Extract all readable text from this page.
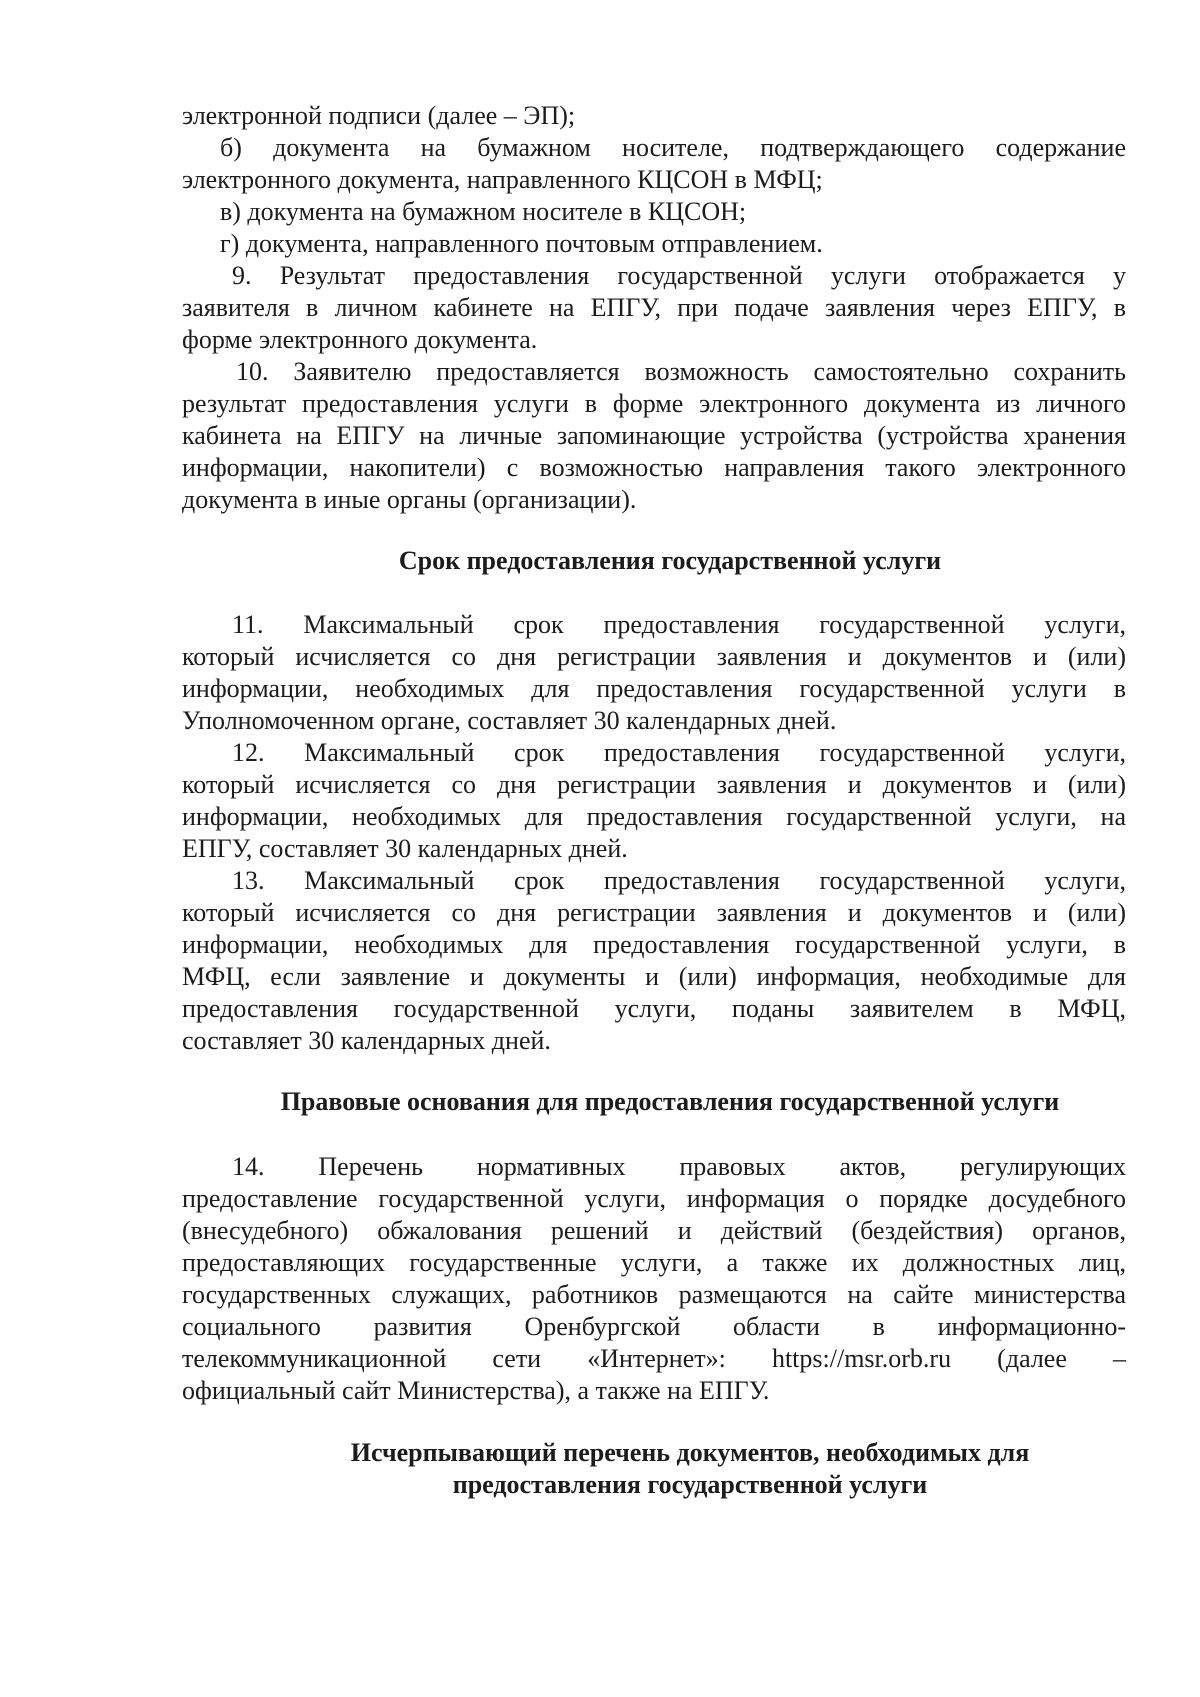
электронной подписи (далее – ЭП);
б) документа на бумажном носителе, подтверждающего содержание
электронного документа, направленного КЦСОН в МФЦ;
в) документа на бумажном носителе в КЦСОН;
г) документа, направленного почтовым отправлением.
9. Результат предоставления государственной услуги отображается у
заявителя в личном кабинете на ЕПГУ, при подаче заявления через ЕПГУ, в
форме электронного документа.
10. Заявителю предоставляется возможность самостоятельно сохранить
результат предоставления услуги в форме электронного документа из личного
кабинета на ЕПГУ на личные запоминающие устройства (устройства хранения
информации, накопители) с возможностью направления такого электронного
документа в иные органы (организации).
Срок предоставления государственной услуги
11. Максимальный срок предоставления государственной услуги,
который исчисляется со дня регистрации заявления и документов и (или)
информации, необходимых для предоставления государственной услуги в
Уполномоченном органе, составляет 30 календарных дней.
12. Максимальный срок предоставления государственной услуги,
который исчисляется со дня регистрации заявления и документов и (или)
информации, необходимых для предоставления государственной услуги, на
ЕПГУ, составляет 30 календарных дней.
13. Максимальный срок предоставления государственной услуги,
который исчисляется со дня регистрации заявления и документов и (или)
информации, необходимых для предоставления государственной услуги, в
МФЦ, если заявление и документы и (или) информация, необходимые для
предоставления государственной услуги, поданы заявителем в МФЦ,
составляет 30 календарных дней.
Правовые основания для предоставления государственной услуги
14. Перечень нормативных правовых актов, регулирующих
предоставление государственной услуги, информация о порядке досудебного
(внесудебного) обжалования решений и действий (бездействия) органов,
предоставляющих государственные услуги, а также их должностных лиц,
государственных служащих, работников размещаются на сайте министерства
социального развития Оренбургской области в информационно-
телекоммуникационной сети «Интернет»: https://msr.orb.ru (далее –
официальный сайт Министерства), а также на ЕПГУ.
Исчерпывающий перечень документов, необходимых для
предоставления государственной услуги
